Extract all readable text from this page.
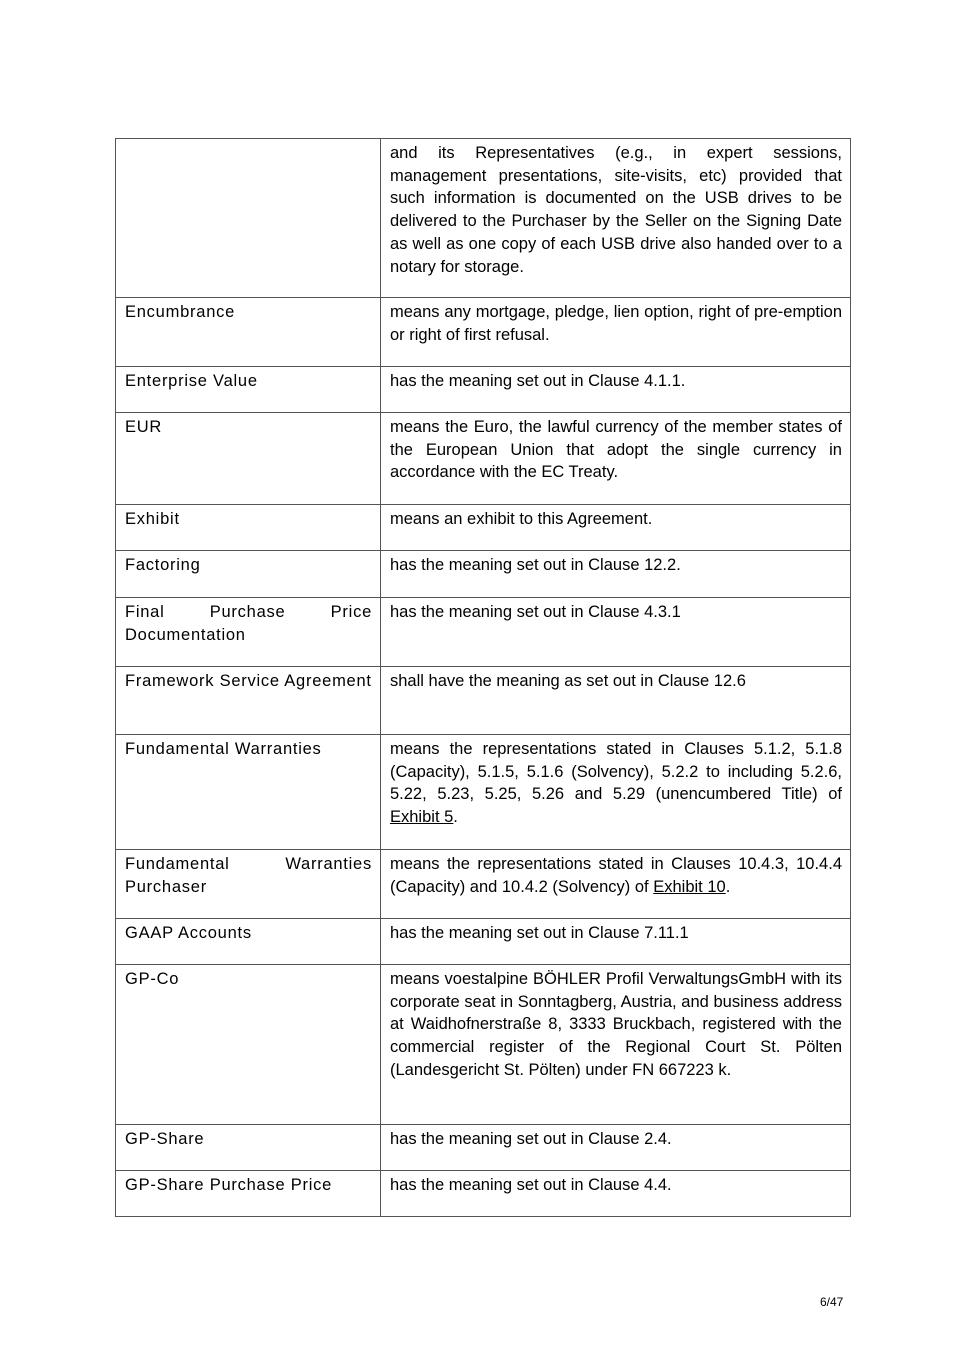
	and its Representatives (e.g., in expert sessions, management presentations, site-visits, etc) provided that such information is documented on the USB drives to be delivered to the Purchaser by the Seller on the Signing Date as well as one copy of each USB drive also handed over to a notary for storage.
Encumbrance	means any mortgage, pledge, lien option, right of pre-emption or right of first refusal.
Enterprise Value	has the meaning set out in Clause 4.1.1.
EUR	means the Euro, the lawful currency of the member states of the European Union that adopt the single currency in accordance with the EC Treaty.
Exhibit	means an exhibit to this Agreement.
Factoring	has the meaning set out in Clause 12.2.
Final Purchase Price Documentation	has the meaning set out in Clause 4.3.1
Framework Service Agreement	shall have the meaning as set out in Clause 12.6
Fundamental Warranties	means the representations stated in Clauses 5.1.2, 5.1.8 (Capacity), 5.1.5, 5.1.6 (Solvency), 5.2.2 to including 5.2.6, 5.22, 5.23, 5.25, 5.26 and 5.29 (unencumbered Title) of Exhibit 5.
Fundamental Warranties Purchaser	means the representations stated in Clauses 10.4.3, 10.4.4 (Capacity) and 10.4.2 (Solvency) of Exhibit 10.
GAAP Accounts	has the meaning set out in Clause 7.11.1
GP-Co	means voestalpine BÖHLER Profil VerwaltungsGmbH with its corporate seat in Sonntagberg, Austria, and business address at Waidhofnerstraße 8, 3333 Bruckbach, registered with the commercial register of the Regional Court St. Pölten (Landesgericht St. Pölten) under FN 667223 k.
GP-Share	has the meaning set out in Clause 2.4.
GP-Share Purchase Price	has the meaning set out in Clause 4.4.
6/47
